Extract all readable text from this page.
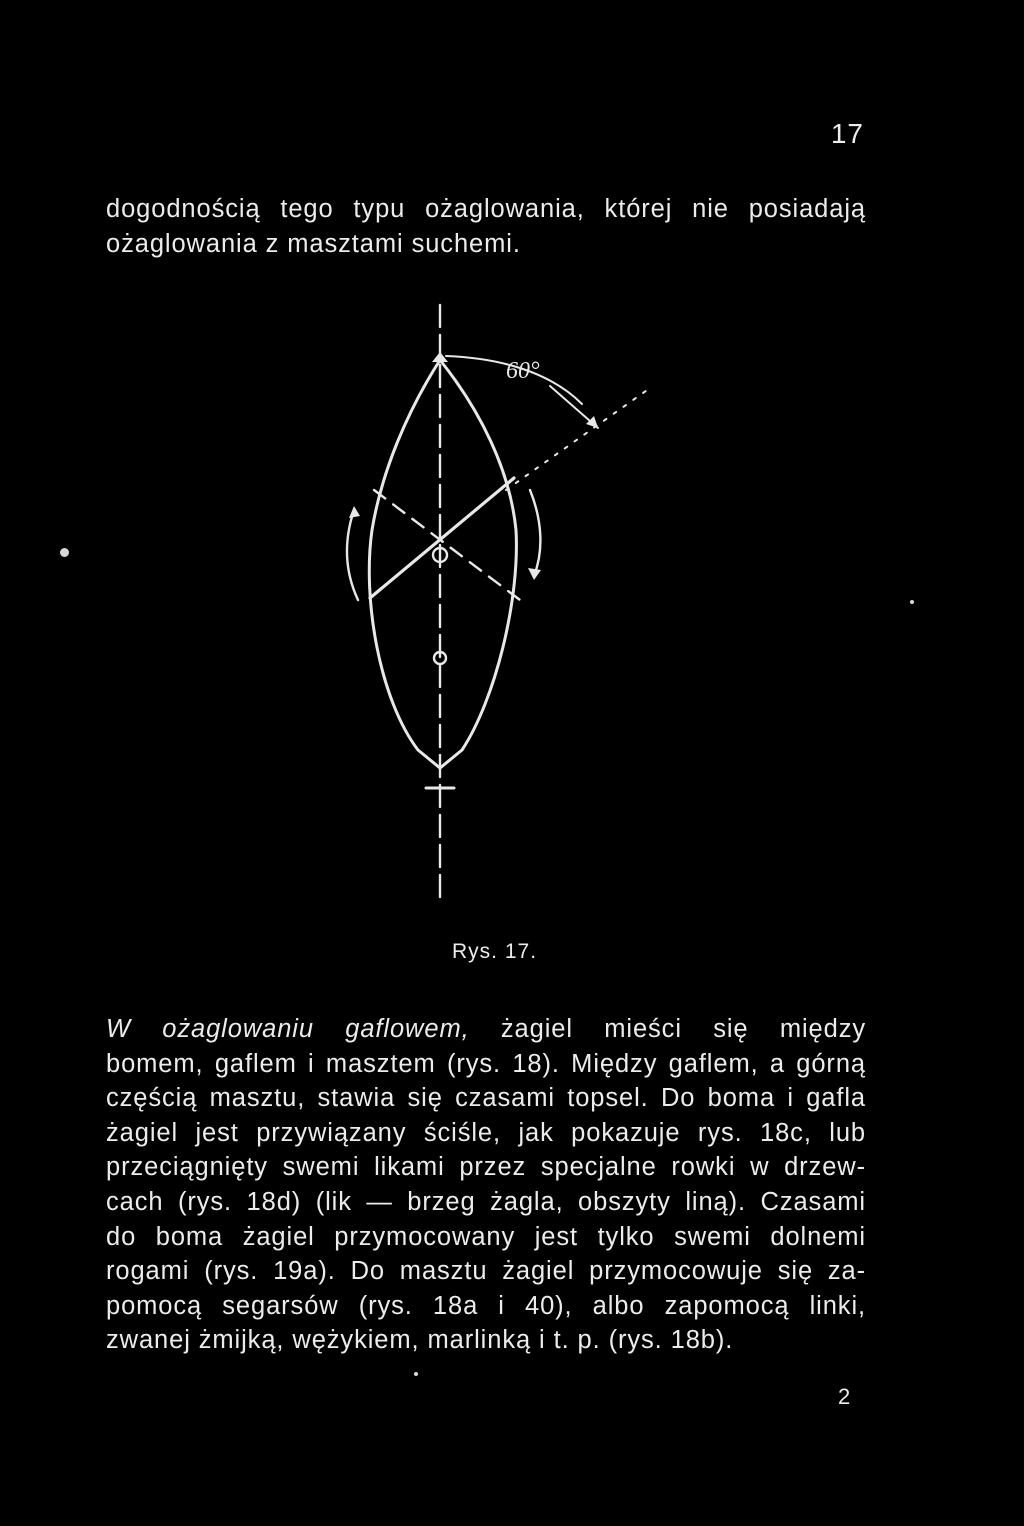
17
dogodnością tego typu ożaglowania, której nie posiadają
ożaglowania z masztami suchemi.
60°
Rys. 17.
W ożaglowaniu gaflowem, żagiel mieści się między
bomem, gaflem i masztem (rys. 18). Między gaflem, a górną
częścią masztu, stawia się czasami topsel. Do boma i gafla
żagiel jest przywiązany ściśle, jak pokazuje rys. 18c, lub
przeciągnięty swemi likami przez specjalne rowki w drzew-
cach (rys. 18d) (lik — brzeg żagla, obszyty liną). Czasami
do boma żagiel przymocowany jest tylko swemi dolnemi
rogami (rys. 19a). Do masztu żagiel przymocowuje się za-
pomocą segarsów (rys. 18a i 40), albo zapomocą linki,
zwanej żmijką, wężykiem, marlinką i t. p. (rys. 18b).
2
